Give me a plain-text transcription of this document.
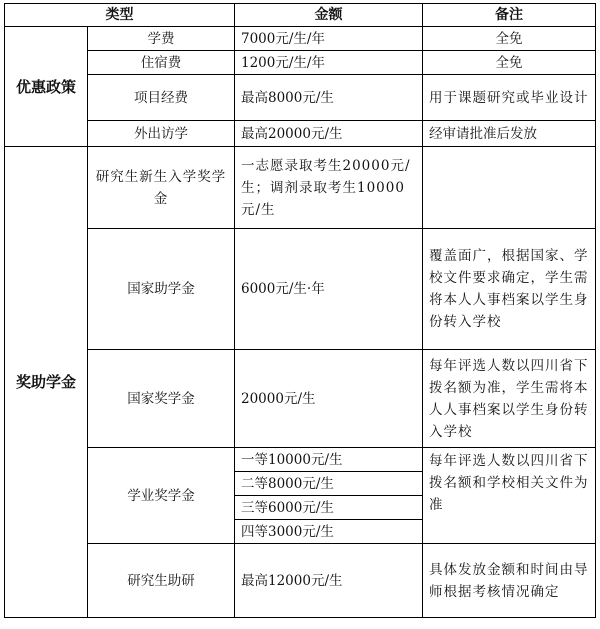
类型		金额	备注
优惠政策	学费	7000元/生/年	全免
	住宿费	1200元/生/年	全免
	项目经费	最高8000元/生	用于课题研究或毕业设计
	外出访学	最高20000元/生	经审请批准后发放
奖助学金	研究生新生入学奖学金	一志愿录取考生20000元/生；调剂录取考生10000元/生	
	国家助学金	6000元/生·年	覆盖面广，根据国家、学校文件要求确定，学生需将本人人事档案以学生身份转入学校
	国家奖学金	20000元/生	每年评选人数以四川省下拨名额为准，学生需将本人人事档案以学生身份转入学校
	学业奖学金	一等10000元/生	每年评选人数以四川省下拨名额和学校相关文件为准
		二等8000元/生	
		三等6000元/生	
		四等3000元/生	
	研究生助研	最高12000元/生	具体发放金额和时间由导师根据考核情况确定
